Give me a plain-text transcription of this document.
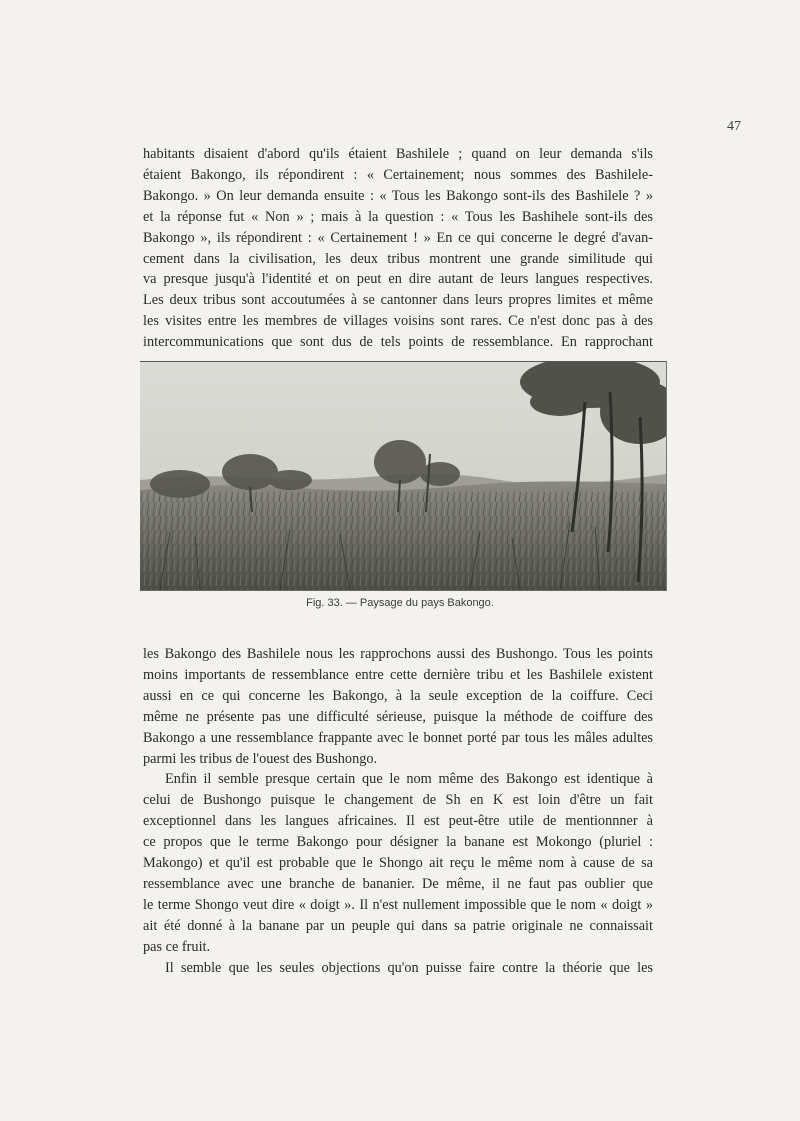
47

habitants disaient d'abord qu'ils étaient Bashilele ; quand on leur demanda s'ils

étaient Bakongo, ils répondirent : « Certainement; nous sommes des Bashilele-

Bakongo. » On leur demanda ensuite : « Tous les Bakongo sont-ils des Bashilele ? »

et la réponse fut « Non » ; mais à la question : « Tous les Bashihele sont-ils des

Bakongo », ils répondirent : « Certainement ! » En ce qui concerne le degré d'avan-

cement dans la civilisation, les deux tribus montrent une grande similitude qui

va presque jusqu'à l'identité et on peut en dire autant de leurs langues respectives.

Les deux tribus sont accoutumées à se cantonner dans leurs propres limites et même

les visites entre les membres de villages voisins sont rares. Ce n'est donc pas à des

intercommunications que sont dus de tels points de ressemblance. En rapprochant

Fig. 33. — Paysage du pays Bakongo.

les Bakongo des Bashilele nous les rapprochons aussi des Bushongo. Tous les points

moins importants de ressemblance entre cette dernière tribu et les Bashilele existent

aussi en ce qui concerne les Bakongo, à la seule exception de la coiffure. Ceci

même ne présente pas une difficulté sérieuse, puisque la méthode de coiffure des

Bakongo a une ressemblance frappante avec le bonnet porté par tous les mâles adultes

parmi les tribus de l'ouest des Bushongo.

Enfin il semble presque certain que le nom même des Bakongo est identique à

celui de Bushongo puisque le changement de Sh en K est loin d'être un fait

exceptionnel dans les langues africaines. Il est peut-être utile de mentionnner à

ce propos que le terme Bakongo pour désigner la banane est Mokongo (pluriel :

Makongo) et qu'il est probable que le Shongo ait reçu le même nom à cause de sa

ressemblance avec une branche de bananier. De même, il ne faut pas oublier que

le terme Shongo veut dire « doigt ». Il n'est nullement impossible que le nom « doigt »

ait été donné à la banane par un peuple qui dans sa patrie originale ne connaissait

pas ce fruit.

Il semble que les seules objections qu'on puisse faire contre la théorie que les
